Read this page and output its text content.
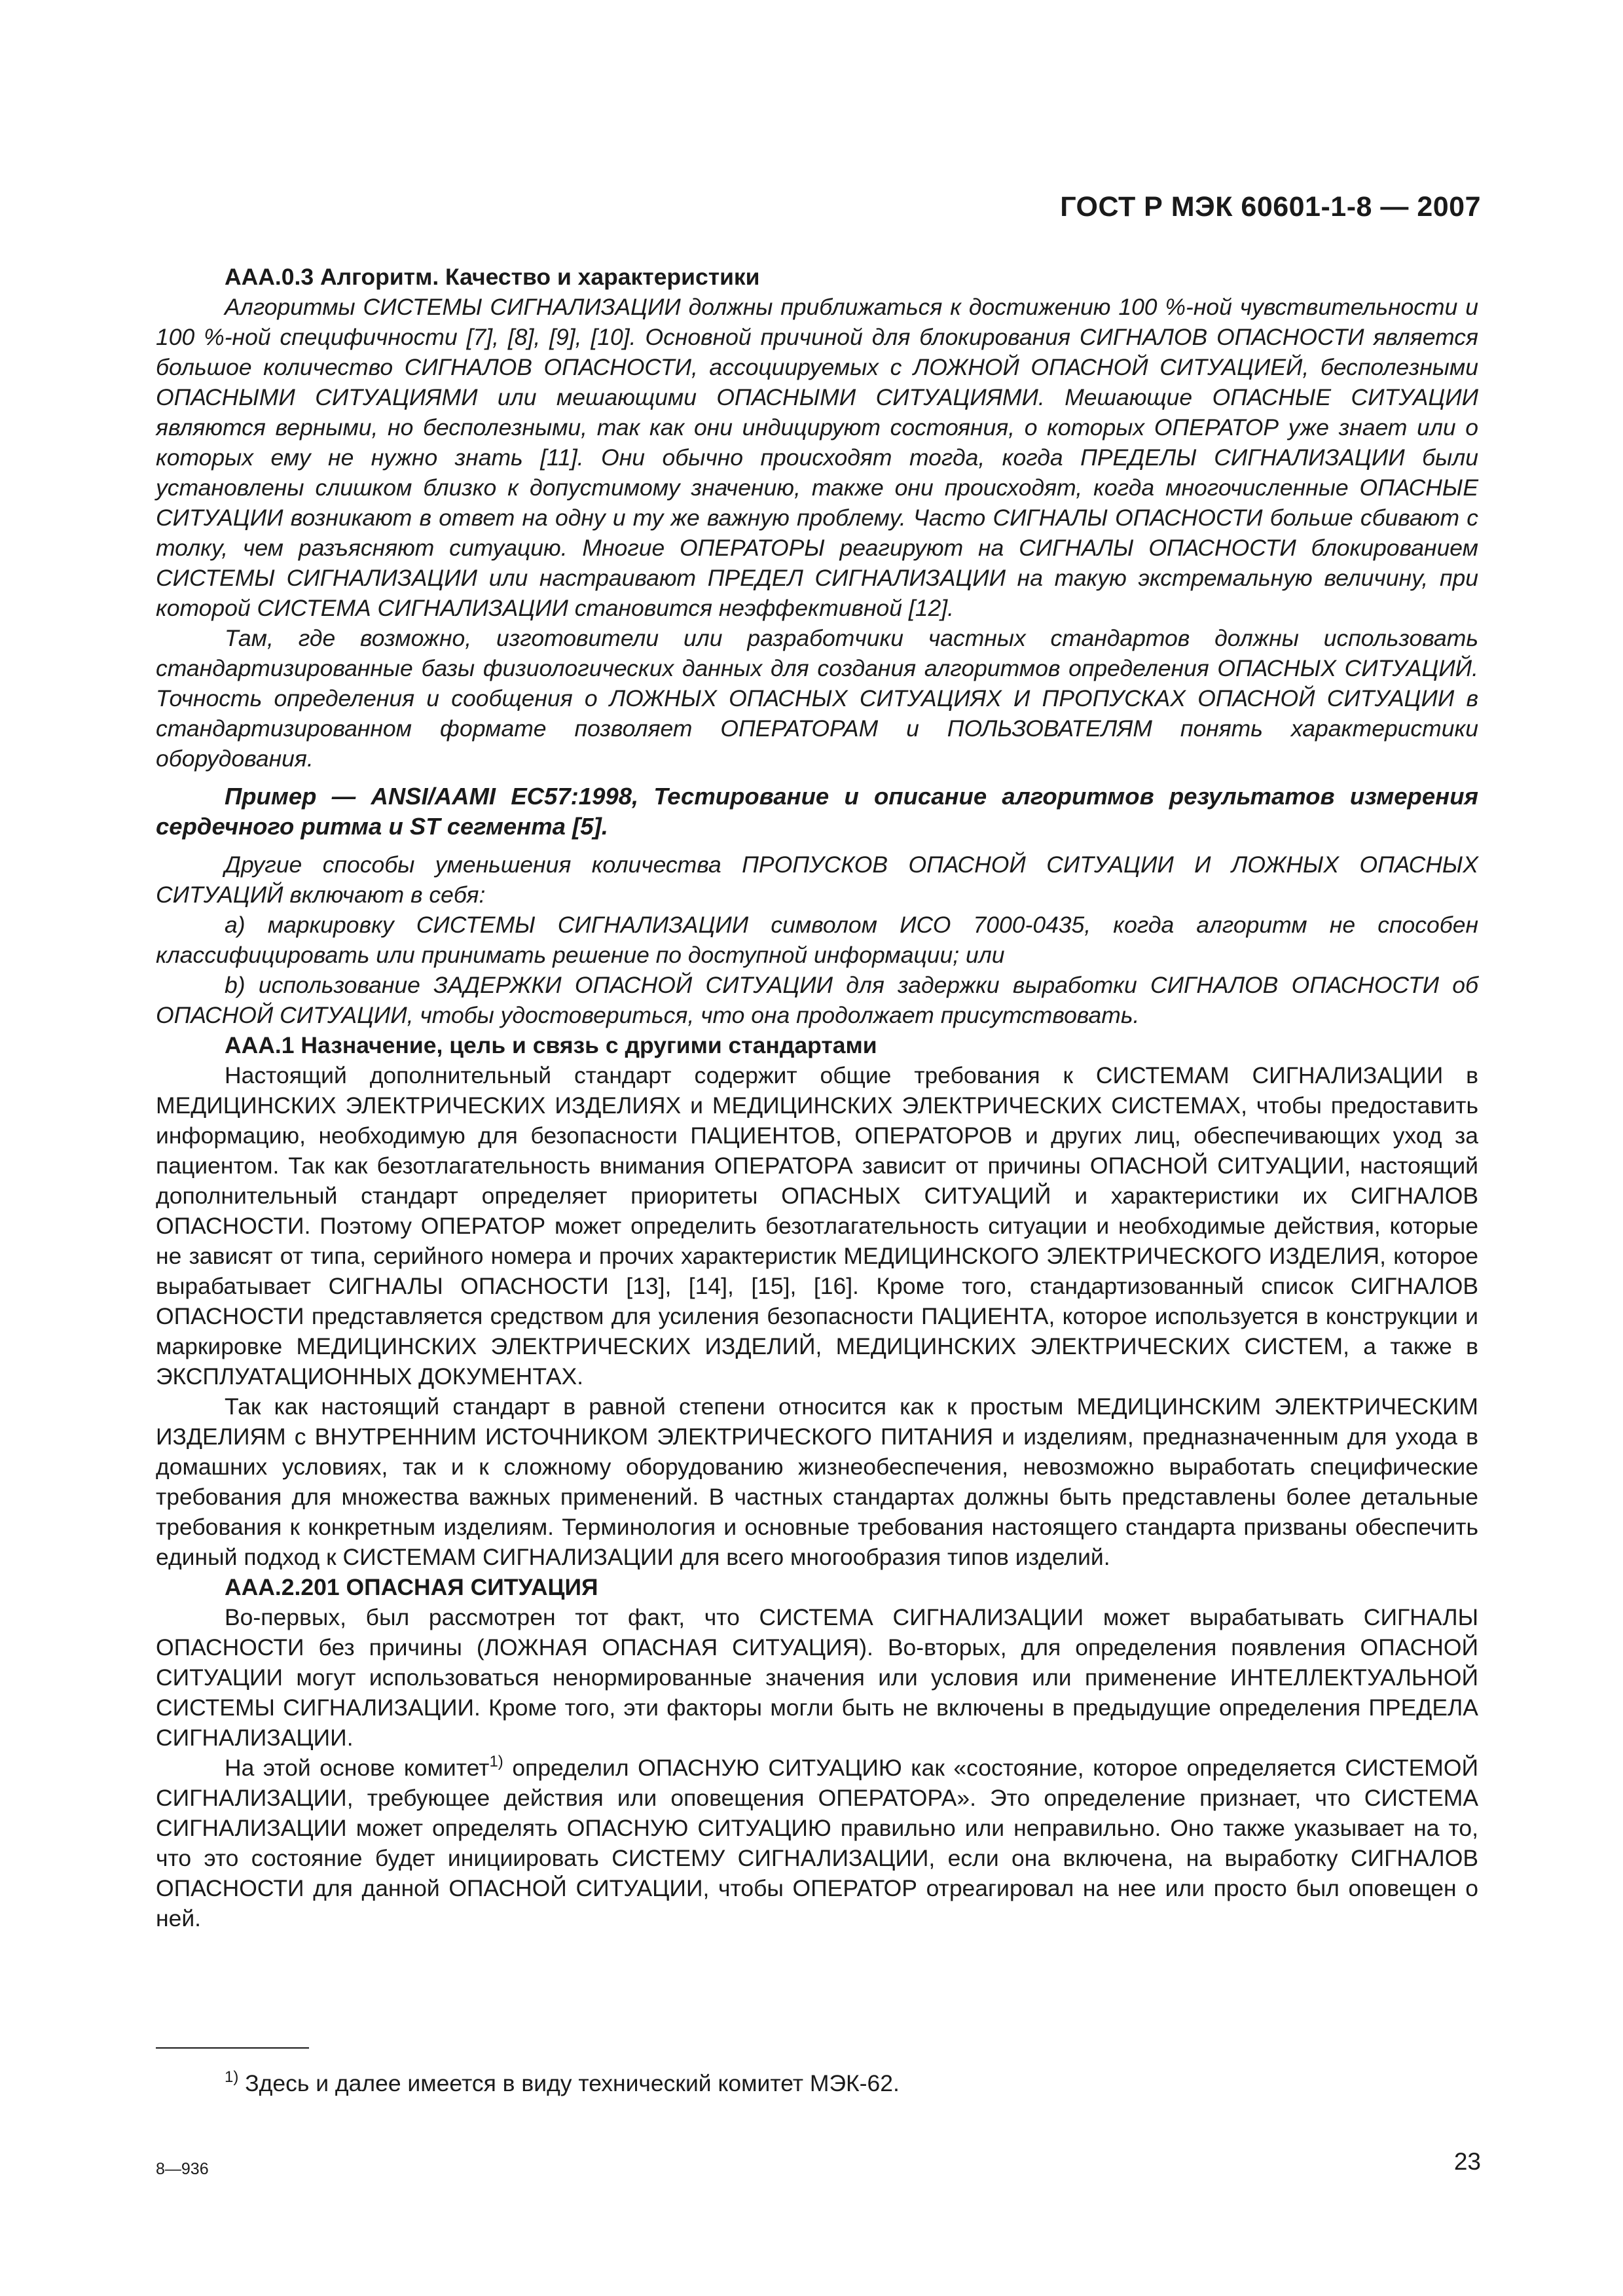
ГОСТ Р МЭК 60601-1-8 — 2007

AAA.0.3 Алгоритм. Качество и характеристики

Алгоритмы СИСТЕМЫ СИГНАЛИЗАЦИИ должны приближаться к достижению 100 %-ной чувствительности и 100 %-ной специфичности [7], [8], [9], [10]. Основной причиной для блокирования СИГНАЛОВ ОПАСНОСТИ является большое количество СИГНАЛОВ ОПАСНОСТИ, ассоциируемых с ЛОЖНОЙ ОПАСНОЙ СИТУАЦИЕЙ, бесполезными ОПАСНЫМИ СИТУАЦИЯМИ или мешающими ОПАСНЫМИ СИТУАЦИЯМИ. Мешающие ОПАСНЫЕ СИТУАЦИИ являются верными, но бесполезными, так как они индицируют состояния, о которых ОПЕРАТОР уже знает или о которых ему не нужно знать [11]. Они обычно происходят тогда, когда ПРЕДЕЛЫ СИГНАЛИЗАЦИИ были установлены слишком близко к допустимому значению, также они происходят, когда многочисленные ОПАСНЫЕ СИТУАЦИИ возникают в ответ на одну и ту же важную проблему. Часто СИГНАЛЫ ОПАСНОСТИ больше сбивают с толку, чем разъясняют ситуацию. Многие ОПЕРАТОРЫ реагируют на СИГНАЛЫ ОПАСНОСТИ блокированием СИСТЕМЫ СИГНАЛИЗАЦИИ или настраивают ПРЕДЕЛ СИГНАЛИЗАЦИИ на такую экстремальную величину, при которой СИСТЕМА СИГНАЛИЗАЦИИ становится неэффективной [12].

Там, где возможно, изготовители или разработчики частных стандартов должны использовать стандартизированные базы физиологических данных для создания алгоритмов определения ОПАСНЫХ СИТУАЦИЙ. Точность определения и сообщения о ЛОЖНЫХ ОПАСНЫХ СИТУАЦИЯХ И ПРОПУСКАХ ОПАСНОЙ СИТУАЦИИ в стандартизированном формате позволяет ОПЕРАТОРАМ и ПОЛЬЗОВАТЕЛЯМ понять характеристики оборудования.

Пример — ANSI/AAMI EC57:1998, Тестирование и описание алгоритмов результатов измерения сердечного ритма и ST сегмента [5].

Другие способы уменьшения количества ПРОПУСКОВ ОПАСНОЙ СИТУАЦИИ И ЛОЖНЫХ ОПАСНЫХ СИТУАЦИЙ включают в себя:

a) маркировку СИСТЕМЫ СИГНАЛИЗАЦИИ символом ИСО 7000-0435, когда алгоритм не способен классифицировать или принимать решение по доступной информации; или

b) использование ЗАДЕРЖКИ ОПАСНОЙ СИТУАЦИИ для задержки выработки СИГНАЛОВ ОПАСНОСТИ об ОПАСНОЙ СИТУАЦИИ, чтобы удостовериться, что она продолжает присутствовать.

AAA.1 Назначение, цель и связь с другими стандартами

Настоящий дополнительный стандарт содержит общие требования к СИСТЕМАМ СИГНАЛИЗАЦИИ в МЕДИЦИНСКИХ ЭЛЕКТРИЧЕСКИХ ИЗДЕЛИЯХ и МЕДИЦИНСКИХ ЭЛЕКТРИЧЕСКИХ СИСТЕМАХ, чтобы предоставить информацию, необходимую для безопасности ПАЦИЕНТОВ, ОПЕРАТОРОВ и других лиц, обеспечивающих уход за пациентом. Так как безотлагательность внимания ОПЕРАТОРА зависит от причины ОПАСНОЙ СИТУАЦИИ, настоящий дополнительный стандарт определяет приоритеты ОПАСНЫХ СИТУАЦИЙ и характеристики их СИГНАЛОВ ОПАСНОСТИ. Поэтому ОПЕРАТОР может определить безотлагательность ситуации и необходимые действия, которые не зависят от типа, серийного номера и прочих характеристик МЕДИЦИНСКОГО ЭЛЕКТРИЧЕСКОГО ИЗДЕЛИЯ, которое вырабатывает СИГНАЛЫ ОПАСНОСТИ [13], [14], [15], [16]. Кроме того, стандартизованный список СИГНАЛОВ ОПАСНОСТИ представляется средством для усиления безопасности ПАЦИЕНТА, которое используется в конструкции и маркировке МЕДИЦИНСКИХ ЭЛЕКТРИЧЕСКИХ ИЗДЕЛИЙ, МЕДИЦИНСКИХ ЭЛЕКТРИЧЕСКИХ СИСТЕМ, а также в ЭКСПЛУАТАЦИОННЫХ ДОКУМЕНТАХ.

Так как настоящий стандарт в равной степени относится как к простым МЕДИЦИНСКИМ ЭЛЕКТРИЧЕСКИМ ИЗДЕЛИЯМ с ВНУТРЕННИМ ИСТОЧНИКОМ ЭЛЕКТРИЧЕСКОГО ПИТАНИЯ и изделиям, предназначенным для ухода в домашних условиях, так и к сложному оборудованию жизнеобеспечения, невозможно выработать специфические требования для множества важных применений. В частных стандартах должны быть представлены более детальные требования к конкретным изделиям. Терминология и основные требования настоящего стандарта призваны обеспечить единый подход к СИСТЕМАМ СИГНАЛИЗАЦИИ для всего многообразия типов изделий.

AAA.2.201 ОПАСНАЯ СИТУАЦИЯ

Во-первых, был рассмотрен тот факт, что СИСТЕМА СИГНАЛИЗАЦИИ может вырабатывать СИГНАЛЫ ОПАСНОСТИ без причины (ЛОЖНАЯ ОПАСНАЯ СИТУАЦИЯ). Во-вторых, для определения появления ОПАСНОЙ СИТУАЦИИ могут использоваться ненормированные значения или условия или применение ИНТЕЛЛЕКТУАЛЬНОЙ СИСТЕМЫ СИГНАЛИЗАЦИИ. Кроме того, эти факторы могли быть не включены в предыдущие определения ПРЕДЕЛА СИГНАЛИЗАЦИИ.

На этой основе комитет$^{1)}$ определил ОПАСНУЮ СИТУАЦИЮ как «состояние, которое определяется СИСТЕМОЙ СИГНАЛИЗАЦИИ, требующее действия или оповещения ОПЕРАТОРА». Это определение признает, что СИСТЕМА СИГНАЛИЗАЦИИ может определять ОПАСНУЮ СИТУАЦИЮ правильно или неправильно. Оно также указывает на то, что это состояние будет инициировать СИСТЕМУ СИГНАЛИЗАЦИИ, если она включена, на выработку СИГНАЛОВ ОПАСНОСТИ для данной ОПАСНОЙ СИТУАЦИИ, чтобы ОПЕРАТОР отреагировал на нее или просто был оповещен о ней.

$^{1)}$ Здесь и далее имеется в виду технический комитет МЭК-62.
8—936	23
